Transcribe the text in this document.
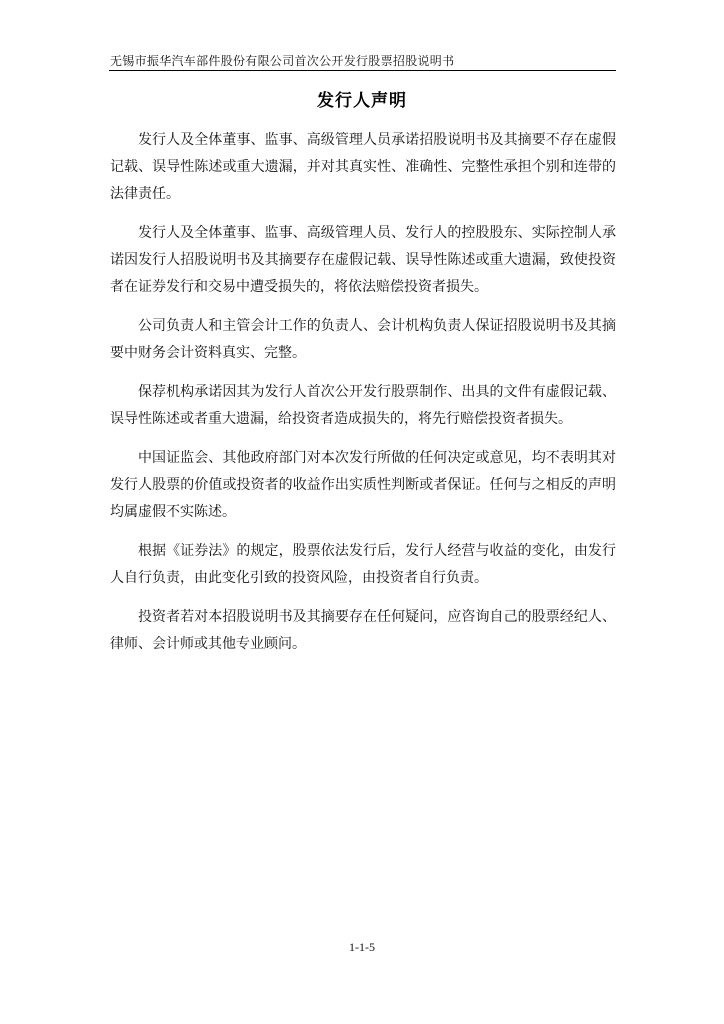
无锡市振华汽车部件股份有限公司首次公开发行股票招股说明书
发行人声明

发行人及全体董事、监事、高级管理人员承诺招股说明书及其摘要不存在虚假记载、误导性陈述或重大遗漏，并对其真实性、准确性、完整性承担个别和连带的法律责任。

发行人及全体董事、监事、高级管理人员、发行人的控股股东、实际控制人承诺因发行人招股说明书及其摘要存在虚假记载、误导性陈述或重大遗漏，致使投资者在证券发行和交易中遭受损失的，将依法赔偿投资者损失。

公司负责人和主管会计工作的负责人、会计机构负责人保证招股说明书及其摘要中财务会计资料真实、完整。

保荐机构承诺因其为发行人首次公开发行股票制作、出具的文件有虚假记载、误导性陈述或者重大遗漏，给投资者造成损失的，将先行赔偿投资者损失。

中国证监会、其他政府部门对本次发行所做的任何决定或意见，均不表明其对发行人股票的价值或投资者的收益作出实质性判断或者保证。任何与之相反的声明均属虚假不实陈述。

根据《证券法》的规定，股票依法发行后，发行人经营与收益的变化，由发行人自行负责，由此变化引致的投资风险，由投资者自行负责。

投资者若对本招股说明书及其摘要存在任何疑问，应咨询自己的股票经纪人、律师、会计师或其他专业顾问。

1-1-5
